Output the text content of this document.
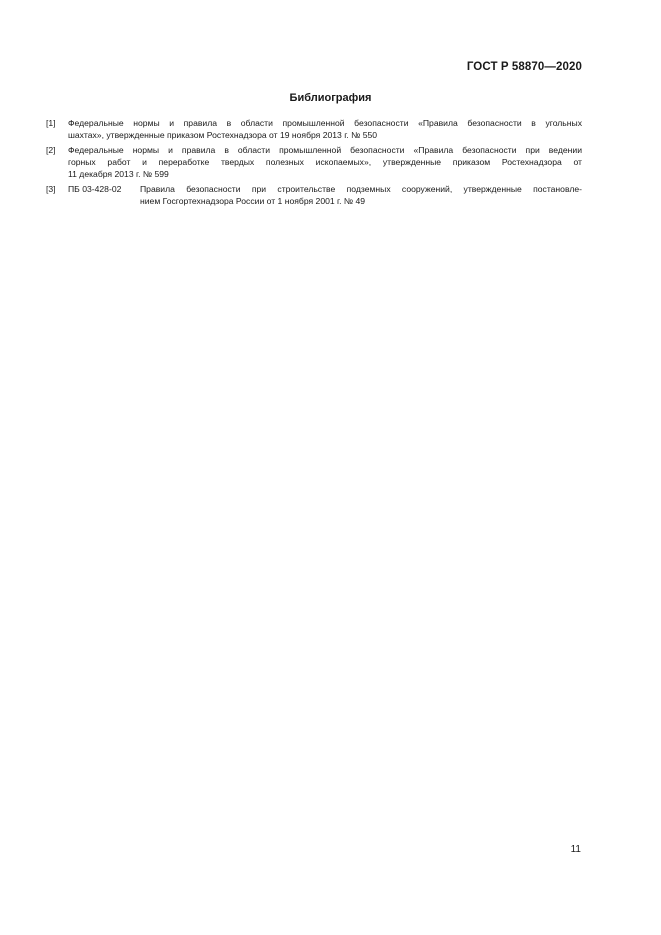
ГОСТ Р 58870—2020
Библиография
[1]	Федеральные нормы и правила в области промышленной безопасности «Правила безопасности в угольных
шахтах», утвержденные приказом Ростехнадзора от 19 ноября 2013 г. № 550
[2]	Федеральные нормы и правила в области промышленной безопасности «Правила безопасности при ведении
горных работ и переработке твердых полезных ископаемых», утвержденные приказом Ростехнадзора от
11 декабря 2013 г. № 599
[3]	ПБ 03-428-02	Правила безопасности при строительстве подземных сооружений, утвержденные постановле-
нием Госгортехнадзора России от 1 ноября 2001 г. № 49
11
